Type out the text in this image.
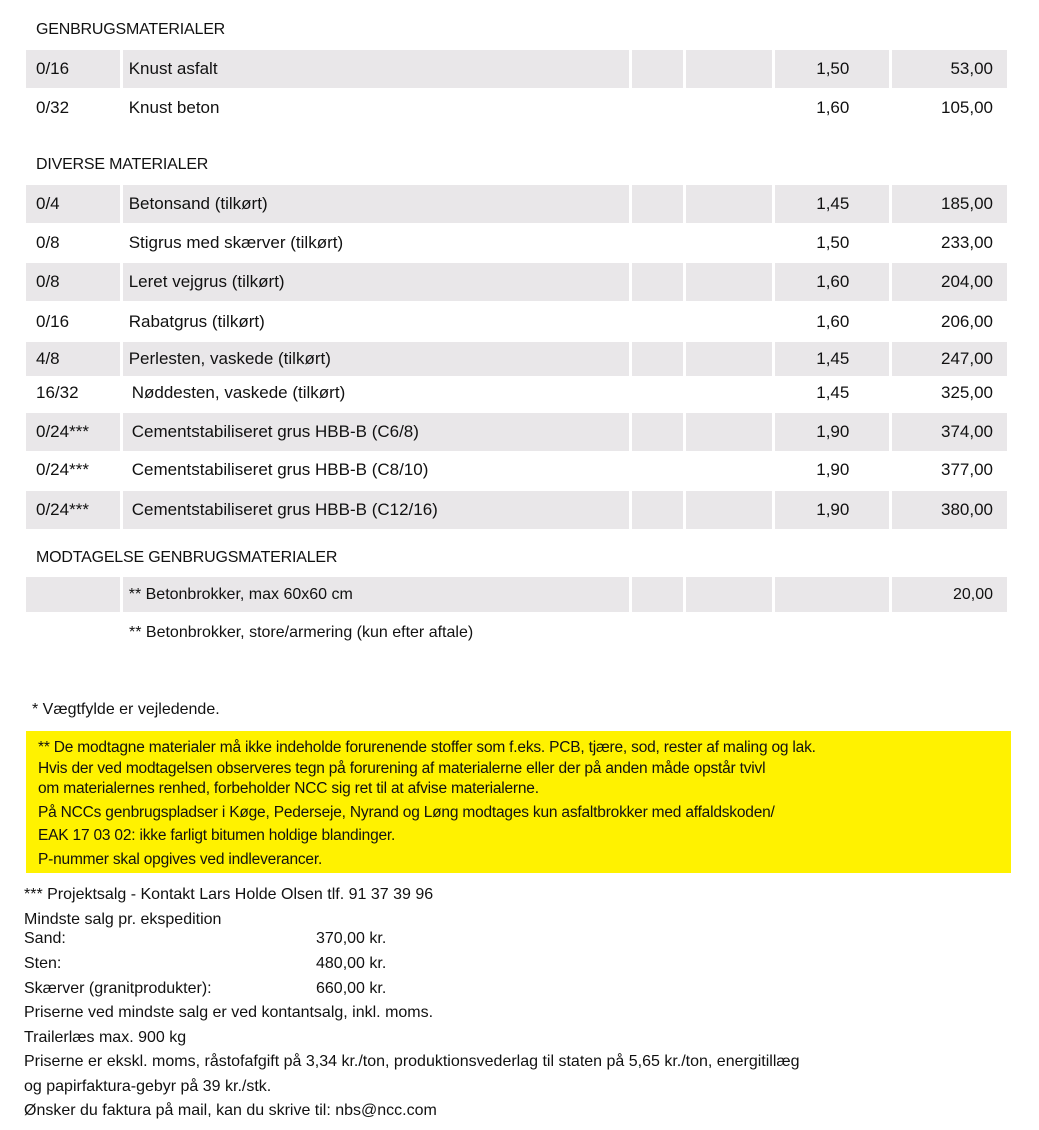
GENBRUGSMATERIALER
0/16	Knust asfalt	1,50	53,00
0/32	Knust beton	1,60	105,00
DIVERSE MATERIALER
0/4	Betonsand (tilkørt)	1,45	185,00
0/8	Stigrus med skærver (tilkørt)	1,50	233,00
0/8	Leret vejgrus (tilkørt)	1,60	204,00
0/16	Rabatgrus (tilkørt)	1,60	206,00
4/8	Perlesten, vaskede (tilkørt)	1,45	247,00
16/32	Nøddesten, vaskede (tilkørt)	1,45	325,00
0/24***	Cementstabiliseret grus HBB-B (C6/8)	1,90	374,00
0/24***	Cementstabiliseret grus HBB-B (C8/10)	1,90	377,00
0/24***	Cementstabiliseret grus HBB-B (C12/16)	1,90	380,00
MODTAGELSE GENBRUGSMATERIALER
** Betonbrokker, max 60x60 cm	20,00
** Betonbrokker, store/armering (kun efter aftale)
* Vægtfylde er vejledende.
** De modtagne materialer må ikke indeholde forurenende stoffer som f.eks. PCB, tjære, sod, rester af maling og lak.
Hvis der ved modtagelsen observeres tegn på forurening af materialerne eller der på anden måde opstår tvivl
om materialernes renhed, forbeholder NCC sig ret til at afvise materialerne.
På NCCs genbrugspladser i Køge, Pederseje, Nyrand og Løng modtages kun asfaltbrokker med affaldskoden/
EAK 17 03 02: ikke farligt bitumen holdige blandinger.
P-nummer skal opgives ved indleverancer.
*** Projektsalg - Kontakt Lars Holde Olsen tlf. 91 37 39 96
Mindste salg pr. ekspedition
Sand:	370,00 kr.
Sten:	480,00 kr.
Skærver (granitprodukter):	660,00 kr.
Priserne ved mindste salg er ved kontantsalg, inkl. moms.
Trailerlæs max. 900 kg
Priserne er ekskl. moms, råstofafgift på 3,34 kr./ton, produktionsvederlag til staten på 5,65 kr./ton, energitillæg
og papirfaktura-gebyr på 39 kr./stk.
Ønsker du faktura på mail, kan du skrive til: nbs@ncc.com
